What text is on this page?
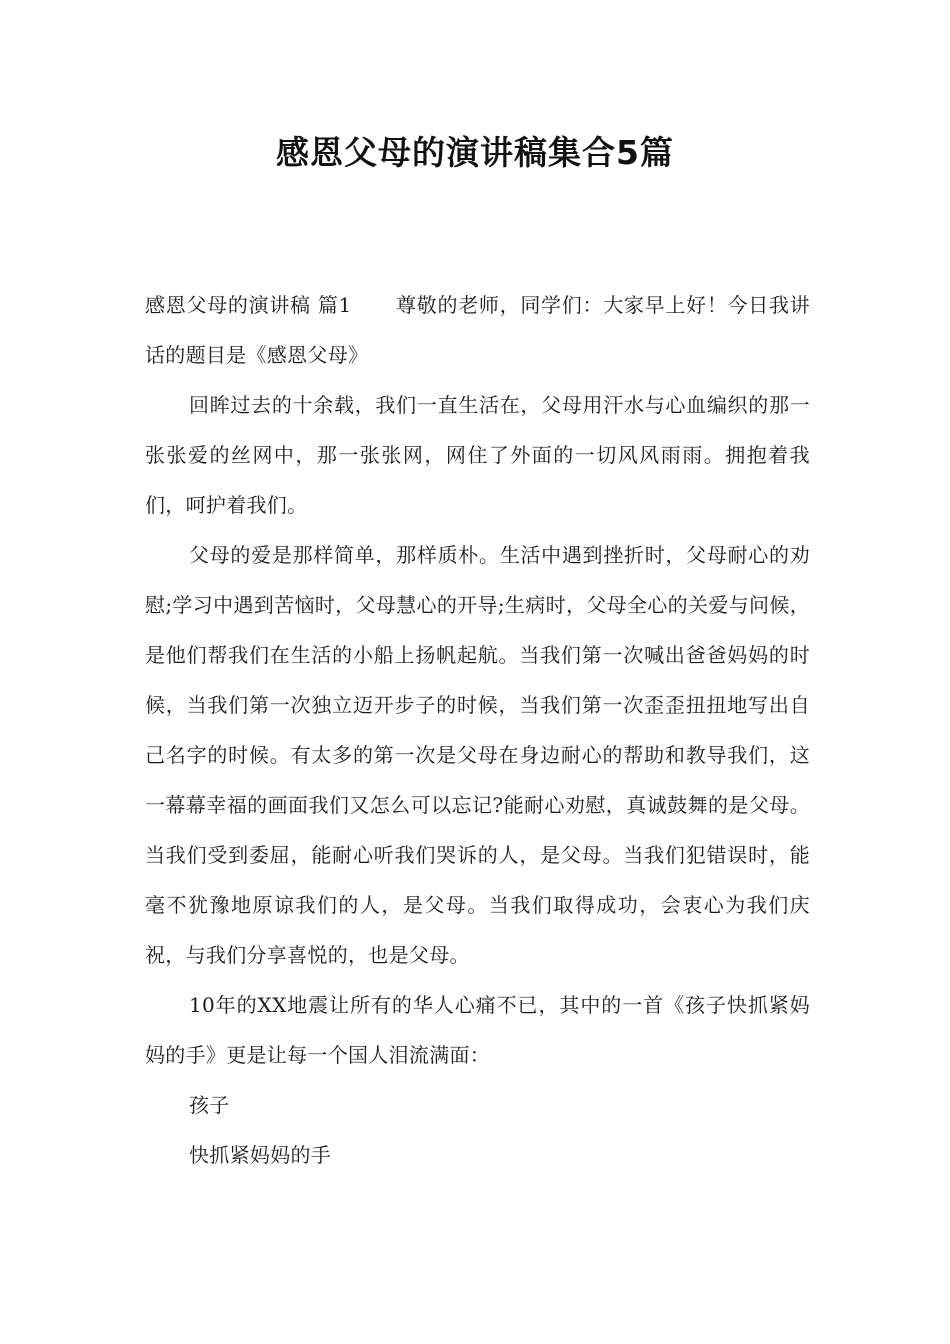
感恩父母的演讲稿集合5篇

感恩父母的演讲稿 篇1 尊敬的老师，同学们：大家早上好！今日我讲话的题目是《感恩父母》

回眸过去的十余载，我们一直生活在，父母用汗水与心血编织的那一张张爱的丝网中，那一张张网，网住了外面的一切风风雨雨。拥抱着我们，呵护着我们。

父母的爱是那样简单，那样质朴。生活中遇到挫折时，父母耐心的劝慰;学习中遇到苦恼时，父母慧心的开导;生病时，父母全心的关爱与问候，是他们帮我们在生活的小船上扬帆起航。当我们第一次喊出爸爸妈妈的时候，当我们第一次独立迈开步子的时候，当我们第一次歪歪扭扭地写出自己名字的时候。有太多的第一次是父母在身边耐心的帮助和教导我们，这一幕幕幸福的画面我们又怎么可以忘记?能耐心劝慰，真诚鼓舞的是父母。当我们受到委屈，能耐心听我们哭诉的人，是父母。当我们犯错误时，能毫不犹豫地原谅我们的人，是父母。当我们取得成功，会衷心为我们庆祝，与我们分享喜悦的，也是父母。

10年的XX地震让所有的华人心痛不已，其中的一首《孩子快抓紧妈妈的手》更是让每一个国人泪流满面：

孩子

快抓紧妈妈的手
